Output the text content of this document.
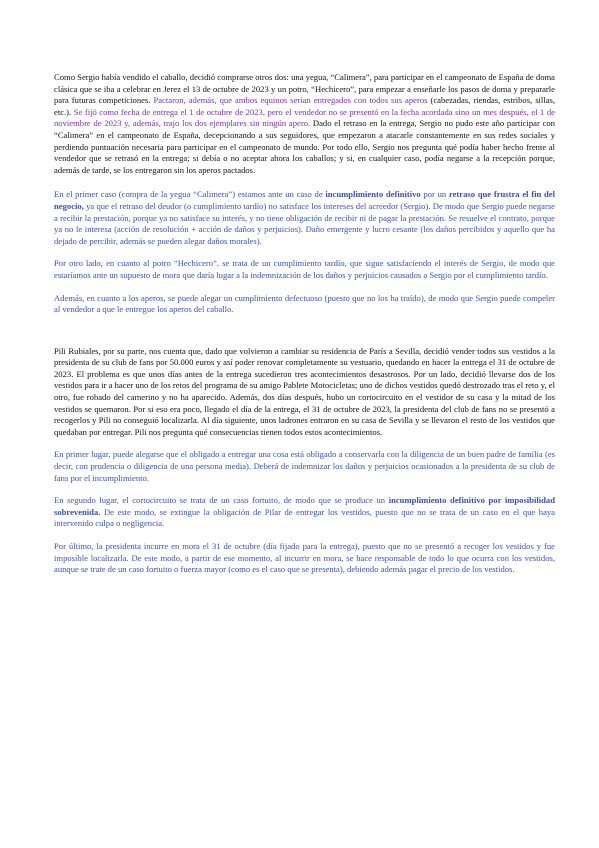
Como Sergio había vendido el caballo, decidió comprarse otros dos: una yegua, “Calimera”, para participar en el campeonato de España de doma clásica que se iba a celebrar en Jerez el 13 de octubre de 2023 y un potro, “Hechicero”, para empezar a enseñarle los pasos de doma y prepararle para futuras competiciones. Pactaron, además, que ambos equinos serían entregados con todos sus aperos (cabezadas, riendas, estribos, sillas, etc.). Se fijó como fecha de entrega el 1 de octubre de 2023, pero el vendedor no se presentó en la fecha acordada sino un mes después, el 1 de noviembre de 2023 y, además, trajo los dos ejemplares sin ningún apero. Dado el retraso en la entrega, Sergio no pudo este año participar con “Calimera” en el campeonato de España, decepcionando a sus seguidores, que empezaron a atacarle constantemente en sus redes sociales y perdiendo puntuación necesaria para participar en el campeonato de mundo. Por todo ello, Sergio nos pregunta qué podía haber hecho frente al vendedor que se retrasó en la entrega; si debía o no aceptar ahora los caballos; y si, en cualquier caso, podía negarse a la recepción porque, además de tarde, se los entregaron sin los aperos pactados.

En el primer caso (compra de la yegua “Calimera”) estamos ante un caso de incumplimiento definitivo por un retraso que frustra el fin del negocio, ya que el retraso del deudor (o cumplimiento tardío) no satisface los intereses del acreedor (Sergio). De modo que Sergio puede negarse a recibir la prestación, porque ya no satisface su interés, y no tiene obligación de recibir ni de pagar la prestación. Se resuelve el contrato, porque ya no le interesa (acción de resolución + acción de daños y perjuicios). Daño emergente y lucro cesante (los daños percibidos y aquello que ha dejado de percibir, además se pueden alegar daños morales).

Por otro lado, en cuanto al potro “Hechicero”, se trata de un cumplimiento tardío, que sigue satisfaciendo el interés de Sergio, de modo que estaríamos ante un supuesto de mora que daría lugar a la indemnización de los daños y perjuicios causados a Sergio por el cumplimiento tardío.

Además, en cuanto a los aperos, se puede alegar un cumplimiento defectuoso (puesto que no los ha traído), de modo que Sergio puede compeler al vendedor a que le entregue los aperos del caballo.

Pili Rubiales, por su parte, nos cuenta que, dado que volvieron a cambiar su residencia de París a Sevilla, decidió vender todos sus vestidos a la presidenta de su club de fans por 50.000 euros y así poder renovar completamente su vestuario, quedando en hacer la entrega el 31 de octubre de 2023. El problema es que unos días antes de la entrega sucedieron tres acontecimientos desastrosos. Por un lado, decidió llevarse dos de los vestidos para ir a hacer uno de los retos del programa de su amigo Pablete Motocicletas; uno de dichos vestidos quedó destrozado tras el reto y, el otro, fue robado del camerino y no ha aparecido. Además, dos días después, hubo un cortocircuito en el vestidor de su casa y la mitad de los vestidos se quemaron. Por si eso era poco, llegado el día de la entrega, el 31 de octubre de 2023, la presidenta del club de fans no se presentó a recogerlos y Pili no conseguió localizarla. Al día siguiente, unos ladrones entraron en su casa de Sevilla y se llevaron el resto de los vestidos que quedaban por entregar. Pili nos pregunta qué consecuencias tienen todos estos acontecimientos.

En primer lugar, puede alegarse que el obligado a entregar una cosa está obligado a conservarla con la diligencia de un buen padre de familia (es decir, con prudencia o diligencia de una persona media). Deberá de indemnizar los daños y perjuicios ocasionados a la presidenta de su club de fans por el incumplimiento.

En segundo lugar, el cortocircuito se trata de un caso fortuito, de modo que se produce un incumplimiento definitivo por imposibilidad sobrevenida. De este modo, se extingue la obligación de Pilar de entregar los vestidos, puesto que no se trata de un caso en el que haya intervenido culpa o negligencia.

Por último, la presidenta incurre en mora el 31 de octubre (día fijado para la entrega), puesto que no se presentó a recoger los vestidos y fue imposible localizarla. De este modo, a partir de ese momento, al incurrir en mora, se hace responsable de todo lo que ocurra con los vestidos, aunque se trate de un caso fortuito o fuerza mayor (como es el caso que se presenta), debiendo además pagar el precio de los vestidos.
